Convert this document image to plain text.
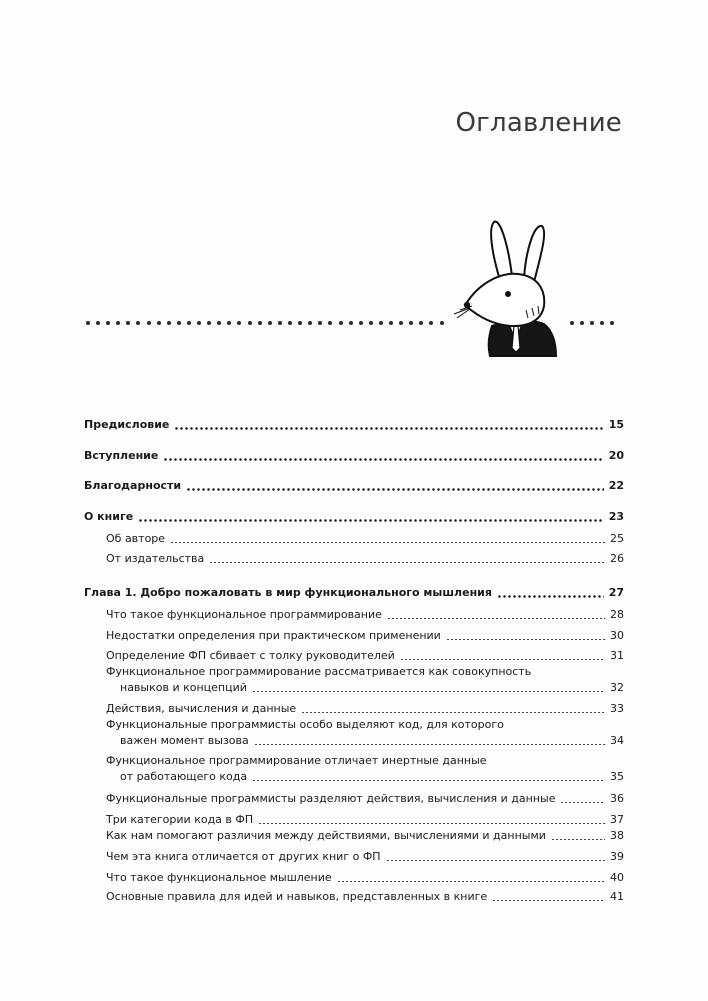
Оглавление
Предисловие	15
Вступление	20
Благодарности	22
О книге	23
Об авторе	25
От издательства	26
Глава 1. Добро пожаловать в мир функционального мышления	27
Что такое функциональное программирование	28
Недостатки определения при практическом применении	30
Определение ФП сбивает с толку руководителей	31
Функциональное программирование рассматривается как совокупность
навыков и концепций	32
Действия, вычисления и данные	33
Функциональные программисты особо выделяют код, для которого
важен момент вызова	34
Функциональное программирование отличает инертные данные
от работающего кода	35
Функциональные программисты разделяют действия, вычисления и данные	36
Три категории кода в ФП	37
Как нам помогают различия между действиями, вычислениями и данными	38
Чем эта книга отличается от других книг о ФП	39
Что такое функциональное мышление	40
Основные правила для идей и навыков, представленных в книге	41
